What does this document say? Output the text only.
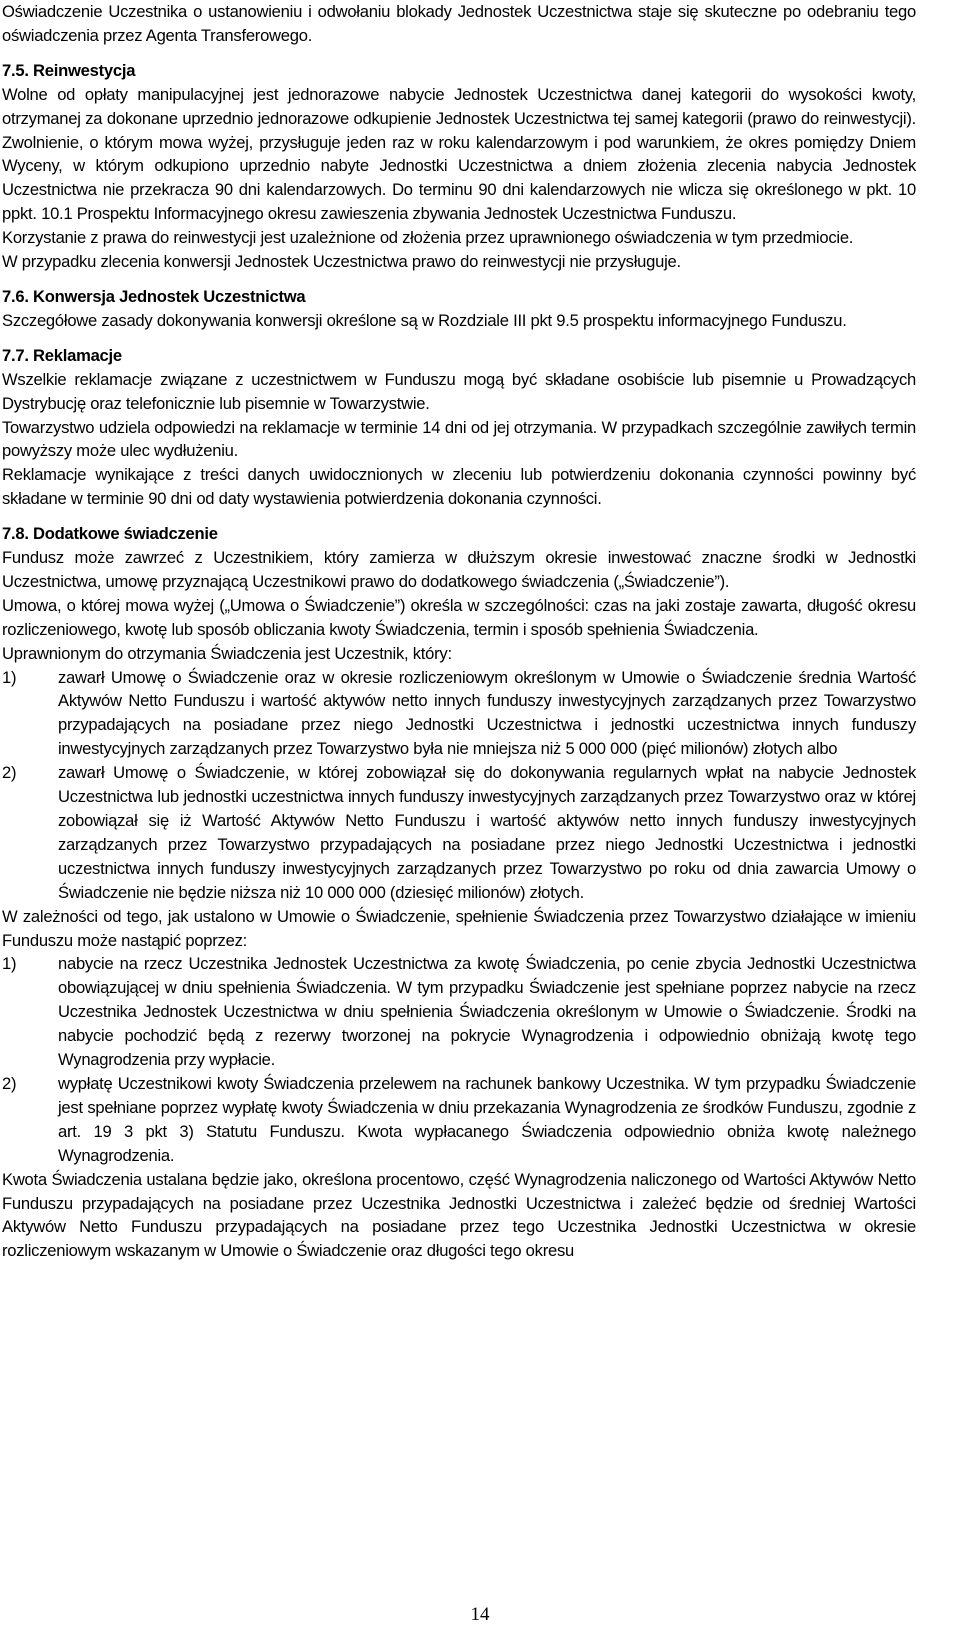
Oświadczenie Uczestnika o ustanowieniu i odwołaniu blokady Jednostek Uczestnictwa staje się skuteczne po odebraniu tego oświadczenia przez Agenta Transferowego.

7.5. Reinwestycja

Wolne od opłaty manipulacyjnej jest jednorazowe nabycie Jednostek Uczestnictwa danej kategorii do wysokości kwoty, otrzymanej za dokonane uprzednio jednorazowe odkupienie Jednostek Uczestnictwa tej samej kategorii (prawo do reinwestycji). Zwolnienie, o którym mowa wyżej, przysługuje jeden raz w roku kalendarzowym i pod warunkiem, że okres pomiędzy Dniem Wyceny, w którym odkupiono uprzednio nabyte Jednostki Uczestnictwa a dniem złożenia zlecenia nabycia Jednostek Uczestnictwa nie przekracza 90 dni kalendarzowych. Do terminu 90 dni kalendarzowych nie wlicza się określonego w pkt. 10 ppkt. 10.1 Prospektu Informacyjnego okresu zawieszenia zbywania Jednostek Uczestnictwa Funduszu.

Korzystanie z prawa do reinwestycji jest uzależnione od złożenia przez uprawnionego oświadczenia w tym przedmiocie.

W przypadku zlecenia konwersji Jednostek Uczestnictwa prawo do reinwestycji nie przysługuje.

7.6. Konwersja Jednostek Uczestnictwa

Szczegółowe zasady dokonywania konwersji określone są w Rozdziale III pkt 9.5 prospektu informacyjnego Funduszu.

7.7. Reklamacje

Wszelkie reklamacje związane z uczestnictwem w Funduszu mogą być składane osobiście lub pisemnie u Prowadzących Dystrybucję oraz telefonicznie lub pisemnie w Towarzystwie.

Towarzystwo udziela odpowiedzi na reklamacje w terminie 14 dni od jej otrzymania. W przypadkach szczególnie zawiłych termin powyższy może ulec wydłużeniu.

Reklamacje wynikające z treści danych uwidocznionych w zleceniu lub potwierdzeniu dokonania czynności powinny być składane w terminie 90 dni od daty wystawienia potwierdzenia dokonania czynności.

7.8. Dodatkowe świadczenie

Fundusz może zawrzeć z Uczestnikiem, który zamierza w dłuższym okresie inwestować znaczne środki w Jednostki Uczestnictwa, umowę przyznającą Uczestnikowi prawo do dodatkowego świadczenia („Świadczenie”).

Umowa, o której mowa wyżej („Umowa o Świadczenie”) określa w szczególności: czas na jaki zostaje zawarta, długość okresu rozliczeniowego, kwotę lub sposób obliczania kwoty Świadczenia, termin i sposób spełnienia Świadczenia.

Uprawnionym do otrzymania Świadczenia jest Uczestnik, który:

1)	zawarł Umowę o Świadczenie oraz w okresie rozliczeniowym określonym w Umowie o Świadczenie średnia Wartość Aktywów Netto Funduszu i wartość aktywów netto innych funduszy inwestycyjnych zarządzanych przez Towarzystwo przypadających na posiadane przez niego Jednostki Uczestnictwa i jednostki uczestnictwa innych funduszy inwestycyjnych zarządzanych przez Towarzystwo była nie mniejsza niż 5 000 000 (pięć milionów) złotych albo
2)	zawarł Umowę o Świadczenie, w której zobowiązał się do dokonywania regularnych wpłat na nabycie Jednostek Uczestnictwa lub jednostki uczestnictwa innych funduszy inwestycyjnych zarządzanych przez Towarzystwo oraz w której zobowiązał się iż Wartość Aktywów Netto Funduszu i wartość aktywów netto innych funduszy inwestycyjnych zarządzanych przez Towarzystwo przypadających na posiadane przez niego Jednostki Uczestnictwa i jednostki uczestnictwa innych funduszy inwestycyjnych zarządzanych przez Towarzystwo po roku od dnia zawarcia Umowy o Świadczenie nie będzie niższa niż 10 000 000 (dziesięć milionów) złotych.

W zależności od tego, jak ustalono w Umowie o Świadczenie, spełnienie Świadczenia przez Towarzystwo działające w imieniu Funduszu może nastąpić poprzez:

1)	nabycie na rzecz Uczestnika Jednostek Uczestnictwa za kwotę Świadczenia, po cenie zbycia Jednostki Uczestnictwa obowiązującej w dniu spełnienia Świadczenia. W tym przypadku Świadczenie jest spełniane poprzez nabycie na rzecz Uczestnika Jednostek Uczestnictwa w dniu spełnienia Świadczenia określonym w Umowie o Świadczenie. Środki na nabycie pochodzić będą z rezerwy tworzonej na pokrycie Wynagrodzenia i odpowiednio obniżają kwotę tego Wynagrodzenia przy wypłacie.
2)	wypłatę Uczestnikowi kwoty Świadczenia przelewem na rachunek bankowy Uczestnika. W tym przypadku Świadczenie jest spełniane poprzez wypłatę kwoty Świadczenia w dniu przekazania Wynagrodzenia ze środków Funduszu, zgodnie z art. 19 3 pkt 3) Statutu Funduszu. Kwota wypłacanego Świadczenia odpowiednio obniża kwotę należnego Wynagrodzenia.

Kwota Świadczenia ustalana będzie jako, określona procentowo, część Wynagrodzenia naliczonego od Wartości Aktywów Netto Funduszu przypadających na posiadane przez Uczestnika Jednostki Uczestnictwa i zależeć będzie od średniej Wartości Aktywów Netto Funduszu przypadających na posiadane przez tego Uczestnika Jednostki Uczestnictwa w okresie rozliczeniowym wskazanym w Umowie o Świadczenie oraz długości tego okresu

14
